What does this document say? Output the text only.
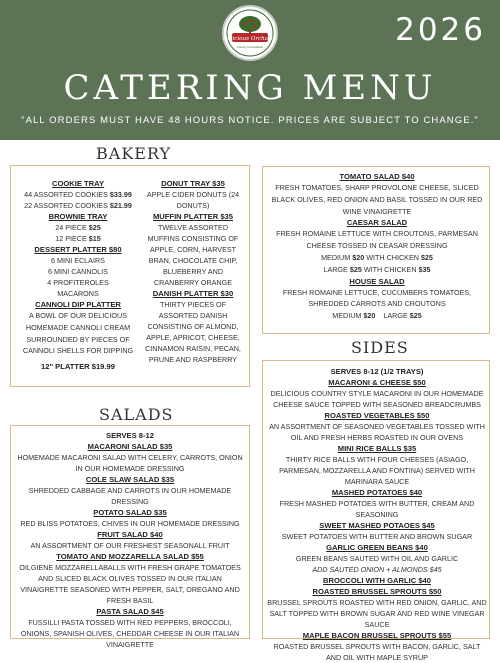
Delicious Orchards
Country Food Market	2026
CATERING MENU
"ALL ORDERS MUST HAVE 48 HOURS NOTICE. PRICES ARE SUBJECT TO CHANGE."
BAKERY
COOKIE TRAY
44 ASSORTED COOKIES $33.99
22 ASSORTED COOKIES $21.99
BROWNIE TRAY
24 PIECE $25
12 PIECE $15
DESSERT PLATTER $80
6 MINI ECLAIRS
6 MINI CANNOLIS
4 PROFITEROLES
MACARONS
CANNOLI DIP PLATTER
A BOWL OF OUR DELICIOUS HOMEMADE CANNOLI CREAM SURROUNDED BY PIECES OF CANNOLI SHELLS FOR DIPPING
12" PLATTER $19.99
DONUT TRAY $35
APPLE CIDER DONUTS (24 DONUTS)
MUFFIN PLATTER $35
TWELVE ASSORTED MUFFINS CONSISTING OF APPLE, CORN, HARVEST BRAN, CHOCOLATE CHIP, BLUEBERRY AND CRANBERRY ORANGE
DANISH PLATTER $30
THIRTY PIECES OF ASSORTED DANISH CONSISTING OF ALMOND, APPLE, APRICOT, CHEESE, CINNAMON RAISIN, PECAN, PRUNE AND RASPBERRY
SALADS
SERVES 8-12
MACARONI SALAD $35
HOMEMADE MACARONI SALAD WITH CELERY, CARROTS, ONION IN OUR HOMEMADE DRESSING
COLE SLAW SALAD $35
SHREDDED CABBAGE AND CARROTS IN OUR HOMEMADE DRESSING
POTATO SALAD $35
RED BLISS POTATOES, CHIVES IN OUR HOMEMADE DRESSING
FRUIT SALAD $40
AN ASSORTMENT OF OUR FRESHEST SEASONALL FRUIT
TOMATO AND MOZZARELLA SALAD $55
OILGIENE MOZZARELLABALLS WITH FRESH GRAPE TOMATOES AND SLICED BLACK OLIVES TOSSED IN OUR ITALIAN VINAIGRETTE SEASONED WITH PEPPER, SALT, OREGANO AND FRESH BASIL
PASTA SALAD $45
FUSSILLI PASTA TOSSED WITH RED PEPPERS, BROCCOLI, ONIONS, SPANISH OLIVES, CHEDDAR CHEESE IN OUR ITALIAN VINAIGRETTE
TOMATO SALAD $40
FRESH TOMATOES, SHARP PROVOLONE CHEESE, SLICED BLACK OLIVES, RED ONION AND BASIL TOSSED IN OUR RED WINE VINAIGRETTE
CAESAR SALAD
FRESH ROMAINE LETTUCE WITH CROUTONS, PARMESAN CHEESE TOSSED IN CEASAR DRESSING
MEDIUM $20 WITH CHICKEN $25
LARGE $25 WITH CHICKEN $35
HOUSE SALAD
FRESH ROMAINE LETTUCE, CUCUMBERS TOMATOES, SHREDDED CARROTS AND CROUTONS
MEDIUM $20 LARGE $25
SIDES
SERVES 8-12 (1/2 TRAYS)
MACARONI & CHEESE $50
DELICIOUS COUNTRY STYLE MACARONI IN OUR HOMEMADE CHEESE SAUCE TOPPED WITH SEASONED BREADCRUMBS
ROASTED VEGETABLES $50
AN ASSORTMENT OF SEASONED VEGETABLES TOSSED WITH OIL AND FRESH HERBS ROASTED IN OUR OVENS
MINI RICE BALLS $35
THIRTY RICE BALLS WITH FOUR CHEESES (ASIAGO, PARMESAN, MOZZARELLA AND FONTINA) SERVED WITH MARINARA SAUCE
MASHED POTATOES $40
FRESH MASHED POTATOES WITH BUTTER, CREAM AND SEASONING
SWEET MASHED POTAOES $45
SWEET POTATOES WITH BUTTER AND BROWN SUGAR
GARLIC GREEN BEANS $40
GREEN BEANS SAUTED WITH OIL AND GARLIC
ADD SAUTED ONION + ALMONDS $45
BROCCOLI WITH GARLIC $40
ROASTED BRUSSEL SPROUTS $50
BRUSSEL SPROUTS ROASTED WITH RED ONION, GARLIC, AND SALT TOPPED WITH BROWN SUGAR AND RED WINE VINEGAR SAUCE
MAPLE BACON BRUSSEL SPROUTS $55
ROASTED BRUSSEL SPROUTS WITH BACON, GARLIC, SALT AND OIL WITH MAPLE SYRUP
